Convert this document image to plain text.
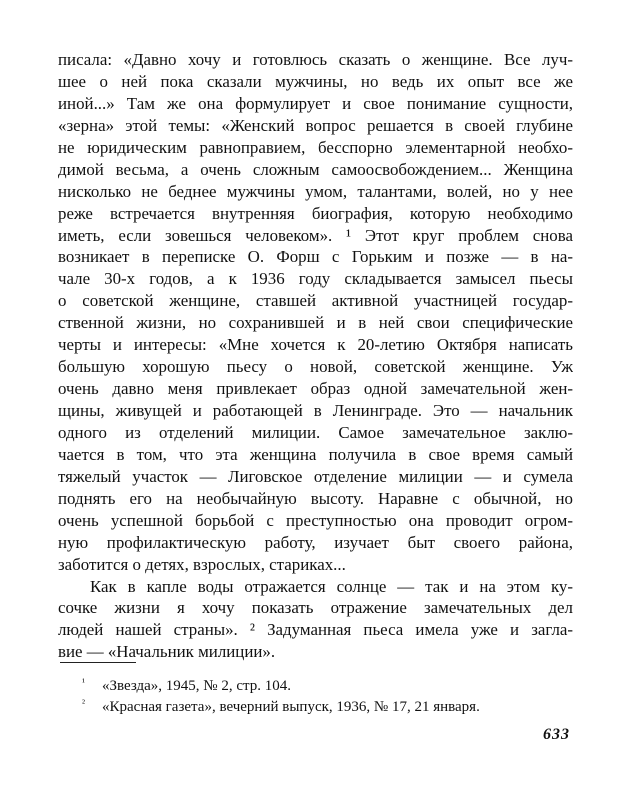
писала: «Давно хочу и готовлюсь сказать о женщине. Все луч-
шее о ней пока сказали мужчины, но ведь их опыт все же
иной...» Там же она формулирует и свое понимание сущности,
«зерна» этой темы: «Женский вопрос решается в своей глубине
не юридическим равноправием, бесспорно элементарной необхо-
димой весьма, а очень сложным самоосвобождением... Женщина
нисколько не беднее мужчины умом, талантами, волей, но у нее
реже встречается внутренняя биография, которую необходимо
иметь, если зовешься человеком». ¹ Этот круг проблем снова
возникает в переписке О. Форш с Горьким и позже — в на-
чале 30-х годов, а к 1936 году складывается замысел пьесы
о советской женщине, ставшей активной участницей государ-
ственной жизни, но сохранившей и в ней свои специфические
черты и интересы: «Мне хочется к 20-летию Октября написать
большую хорошую пьесу о новой, советской женщине. Уж
очень давно меня привлекает образ одной замечательной жен-
щины, живущей и работающей в Ленинграде. Это — начальник
одного из отделений милиции. Самое замечательное заклю-
чается в том, что эта женщина получила в свое время самый
тяжелый участок — Лиговское отделение милиции — и сумела
поднять его на необычайную высоту. Наравне с обычной, но
очень успешной борьбой с преступностью она проводит огром-
ную профилактическую работу, изучает быт своего района,
заботится о детях, взрослых, стариках...
Как в капле воды отражается солнце — так и на этом ку-
сочке жизни я хочу показать отражение замечательных дел
людей нашей страны». ² Задуманная пьеса имела уже и загла-
вие — «Начальник милиции».
¹ «Звезда», 1945, № 2, стр. 104.
² «Красная газета», вечерний выпуск, 1936, № 17, 21 января.
633
